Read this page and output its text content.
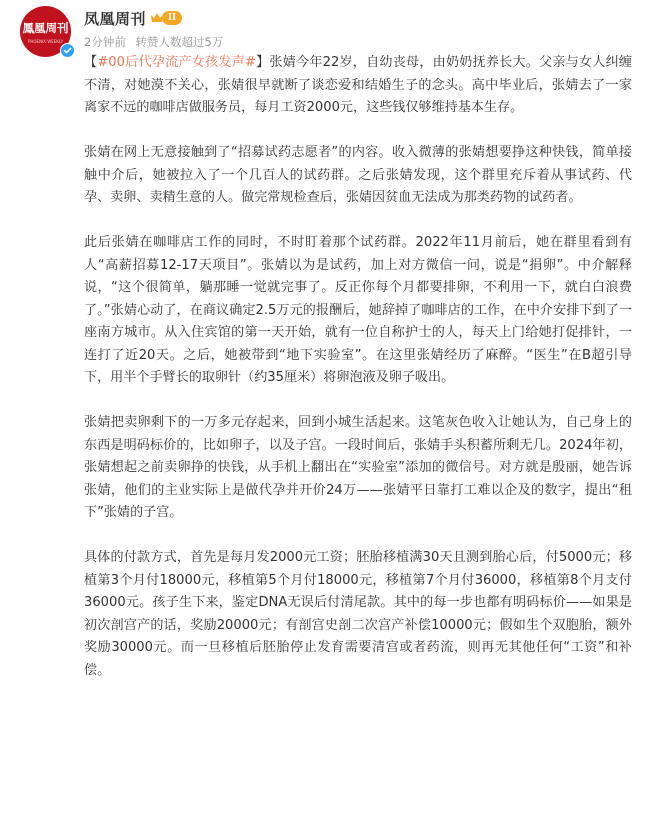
鳳凰周刊
PHOENIX WEEKLY
凤凰周刊	II
2分钟前 转赞人数超过5万

【#00后代孕流产女孩发声#】张婧今年22岁，自幼丧母，由奶奶抚养长大。父亲与女人纠缠不清，对她漠不关心，张婧很早就断了谈恋爱和结婚生子的念头。高中毕业后，张婧去了一家离家不远的咖啡店做服务员，每月工资2000元，这些钱仅够维持基本生存。

张婧在网上无意接触到了“招募试药志愿者”的内容。收入微薄的张婧想要挣这种快钱，简单接触中介后，她被拉入了一个几百人的试药群。之后张婧发现，这个群里充斥着从事试药、代孕、卖卵、卖精生意的人。做完常规检查后，张婧因贫血无法成为那类药物的试药者。

此后张婧在咖啡店工作的同时，不时盯着那个试药群。2022年11月前后，她在群里看到有人“高薪招募12-17天项目”。张婧以为是试药，加上对方微信一问，说是“捐卵”。中介解释说，“这个很简单，躺那睡一觉就完事了。反正你每个月都要排卵，不利用一下，就白白浪费了。”张婧心动了，在商议确定2.5万元的报酬后，她辞掉了咖啡店的工作，在中介安排下到了一座南方城市。从入住宾馆的第一天开始，就有一位自称护士的人，每天上门给她打促排针，一连打了近20天。之后，她被带到“地下实验室”。在这里张婧经历了麻醉。“医生”在B超引导下，用半个手臂长的取卵针（约35厘米）将卵泡液及卵子吸出。

张婧把卖卵剩下的一万多元存起来，回到小城生活起来。这笔灰色收入让她认为，自己身上的东西是明码标价的，比如卵子，以及子宫。一段时间后，张婧手头积蓄所剩无几。2024年初，张婧想起之前卖卵挣的快钱，从手机上翻出在“实验室”添加的微信号。对方就是殷丽，她告诉张婧，他们的主业实际上是做代孕并开价24万——张婧平日靠打工难以企及的数字，提出“租下”张婧的子宫。

具体的付款方式，首先是每月发2000元工资；胚胎移植满30天且测到胎心后，付5000元；移植第3个月付18000元，移植第5个月付18000元，移植第7个月付36000，移植第8个月支付36000元。孩子生下来，鉴定DNA无误后付清尾款。其中的每一步也都有明码标价——如果是初次剖宫产的话，奖励20000元；有剖宫史剖二次宫产补偿10000元；假如生个双胞胎，额外奖励30000元。而一旦移植后胚胎停止发育需要清宫或者药流，则再无其他任何“工资”和补偿。
